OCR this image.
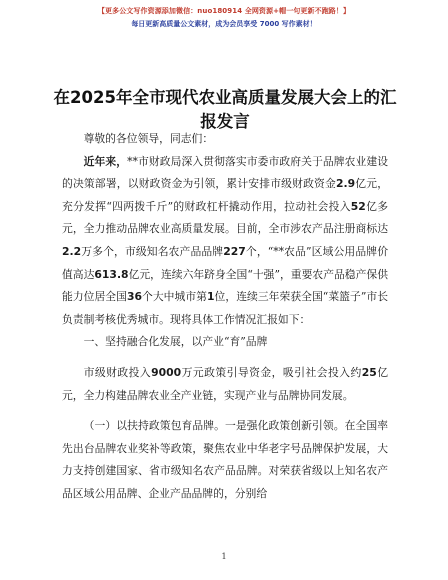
【更多公文写作资源添加微信：nuo180914 全网资源+帽一句更新不跑路！】
每日更新高质量公文素材，成为会员享受 7000 写作素材！
在2025年全市现代农业高质量发展大会上的汇报发言

尊敬的各位领导，同志们：

近年来，**市财政局深入贯彻落实市委市政府关于品牌农业建设的决策部署，以财政资金为引领，累计安排市级财政资金2.9亿元，充分发挥“四两拨千斤”的财政杠杆撬动作用，拉动社会投入52亿多元，全力推动品牌农业高质量发展。目前，全市涉农产品注册商标达2.2万多个，市级知名农产品品牌227个，“**农品”区域公用品牌价值高达613.8亿元，连续六年跻身全国“十强”，重要农产品稳产保供能力位居全国36个大中城市第1位，连续三年荣获全国“菜篮子”市长负责制考核优秀城市。现将具体工作情况汇报如下：

一、坚持融合化发展，以产业“育”品牌

市级财政投入9000万元政策引导资金，吸引社会投入约25亿元，全力构建品牌农业全产业链，实现产业与品牌协同发展。

（一）以扶持政策包育品牌。一是强化政策创新引领。在全国率先出台品牌农业奖补等政策，聚焦农业中华老字号品牌保护发展，大力支持创建国家、省市级知名农产品品牌。对荣获省级以上知名农产品区域公用品牌、企业产品品牌的，分别给

1
